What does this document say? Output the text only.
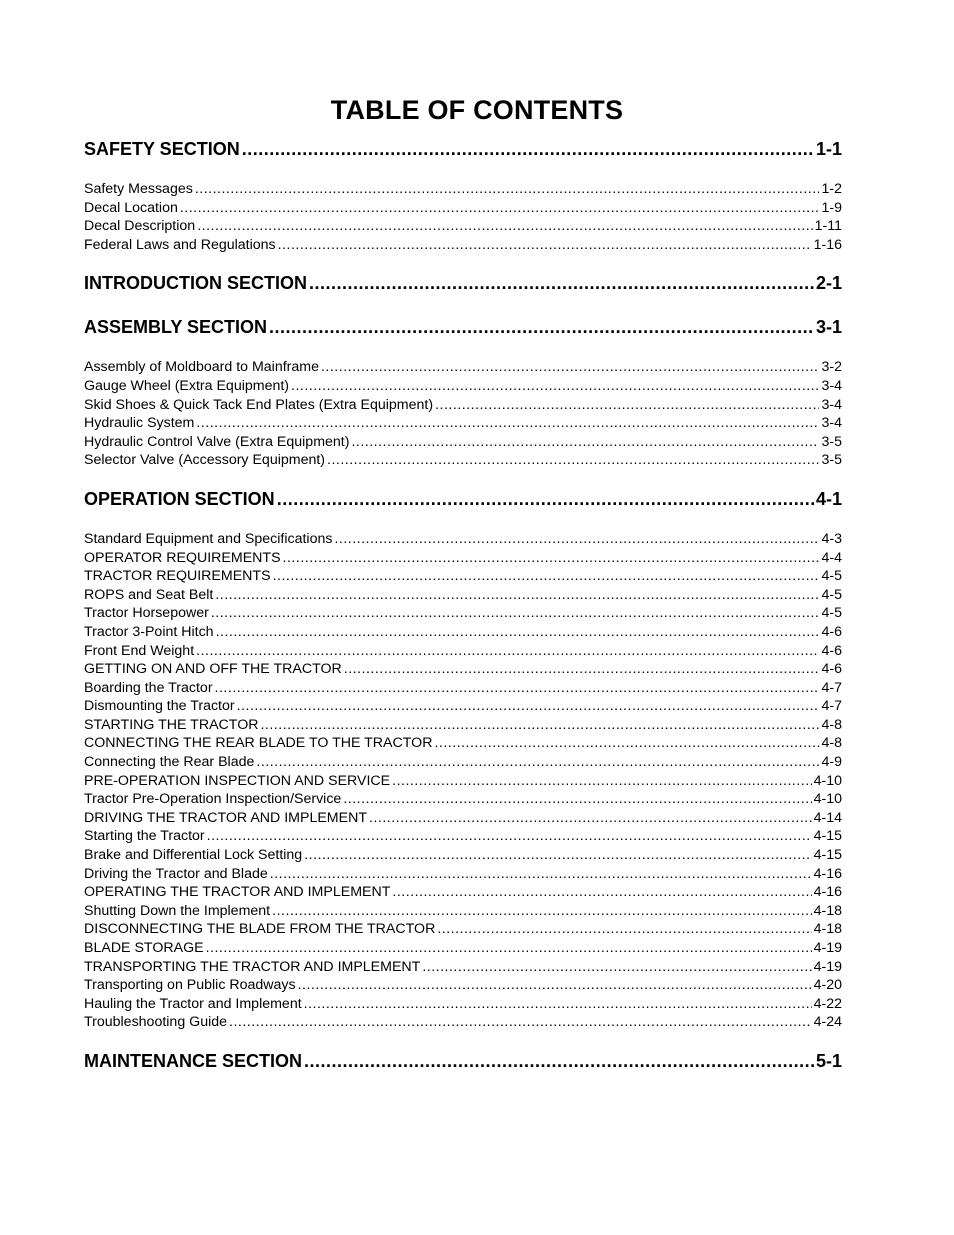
TABLE OF CONTENTS
SAFETY SECTION .....	1-1
Safety Messages .....	1-2
Decal Location .....	1-9
Decal Description .....	1-11
Federal Laws and Regulations .....	1-16
INTRODUCTION SECTION .....	2-1
ASSEMBLY SECTION .....	3-1
Assembly of Moldboard to Mainframe .....	3-2
Gauge Wheel (Extra Equipment) .....	3-4
Skid Shoes & Quick Tack End Plates (Extra Equipment) .....	3-4
Hydraulic System .....	3-4
Hydraulic Control Valve (Extra Equipment) .....	3-5
Selector Valve (Accessory Equipment) .....	3-5
OPERATION SECTION .....	4-1
Standard Equipment and Specifications .....	4-3
OPERATOR REQUIREMENTS .....	4-4
TRACTOR REQUIREMENTS .....	4-5
ROPS and Seat Belt .....	4-5
Tractor Horsepower .....	4-5
Tractor 3-Point Hitch .....	4-6
Front End Weight .....	4-6
GETTING ON AND OFF THE TRACTOR .....	4-6
Boarding the Tractor .....	4-7
Dismounting the Tractor .....	4-7
STARTING THE TRACTOR .....	4-8
CONNECTING THE REAR BLADE TO THE TRACTOR .....	4-8
Connecting the Rear Blade .....	4-9
PRE-OPERATION INSPECTION AND SERVICE .....	4-10
Tractor Pre-Operation Inspection/Service .....	4-10
DRIVING THE TRACTOR AND IMPLEMENT .....	4-14
Starting the Tractor .....	4-15
Brake and Differential Lock Setting .....	4-15
Driving the Tractor and Blade .....	4-16
OPERATING THE TRACTOR AND IMPLEMENT .....	4-16
Shutting Down the Implement .....	4-18
DISCONNECTING THE BLADE FROM THE TRACTOR .....	4-18
BLADE STORAGE .....	4-19
TRANSPORTING THE TRACTOR AND IMPLEMENT .....	4-19
Transporting on Public Roadways .....	4-20
Hauling the Tractor and Implement .....	4-22
Troubleshooting Guide .....	4-24
MAINTENANCE SECTION .....	5-1
